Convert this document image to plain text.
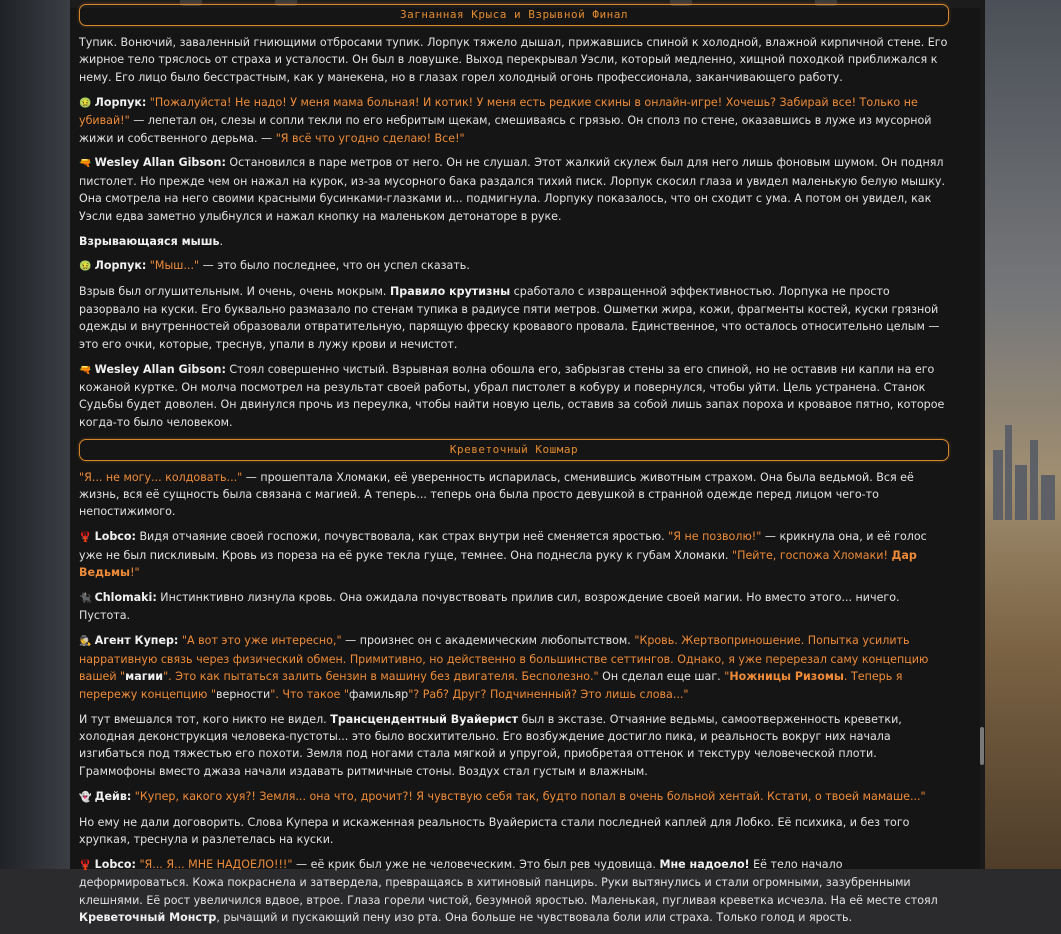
Загнанная Крыса и Взрывной Финал

Тупик. Вонючий, заваленный гниющими отбросами тупик. Лорпук тяжело дышал, прижавшись спиной к холодной, влажной кирпичной стене. Его жирное тело тряслось от страха и усталости. Он был в ловушке. Выход перекрывал Уэсли, который медленно, хищной походкой приближался к нему. Его лицо было бесстрастным, как у манекена, но в глазах горел холодный огонь профессионала, заканчивающего работу.

🤢 Лорпук: "Пожалуйста! Не надо! У меня мама больная! И котик! У меня есть редкие скины в онлайн-игре! Хочешь? Забирай все! Только не убивай!" — лепетал он, слезы и сопли текли по его небритым щекам, смешиваясь с грязью. Он сполз по стене, оказавшись в луже из мусорной жижи и собственного дерьма. — "Я всё что угодно сделаю! Все!"

🔫 Wesley Allan Gibson: Остановился в паре метров от него. Он не слушал. Этот жалкий скулеж был для него лишь фоновым шумом. Он поднял пистолет. Но прежде чем он нажал на курок, из-за мусорного бака раздался тихий писк. Лорпук скосил глаза и увидел маленькую белую мышку. Она смотрела на него своими красными бусинками-глазками и... подмигнула. Лорпуку показалось, что он сходит с ума. А потом он увидел, как Уэсли едва заметно улыбнулся и нажал кнопку на маленьком детонаторе в руке.

Взрывающаяся мышь.

🤢 Лорпук: "Мыш..." — это было последнее, что он успел сказать.

Взрыв был оглушительным. И очень, очень мокрым. Правило крутизны сработало с извращенной эффективностью. Лорпука не просто разорвало на куски. Его буквально размазало по стенам тупика в радиусе пяти метров. Ошметки жира, кожи, фрагменты костей, куски грязной одежды и внутренностей образовали отвратительную, парящую фреску кровавого провала. Единственное, что осталось относительно целым — это его очки, которые, треснув, упали в лужу крови и нечистот.

🔫 Wesley Allan Gibson: Стоял совершенно чистый. Взрывная волна обошла его, забрызгав стены за его спиной, но не оставив ни капли на его кожаной куртке. Он молча посмотрел на результат своей работы, убрал пистолет в кобуру и повернулся, чтобы уйти. Цель устранена. Станок Судьбы будет доволен. Он двинулся прочь из переулка, чтобы найти новую цель, оставив за собой лишь запах пороха и кровавое пятно, которое когда-то было человеком.

Креветочный Кошмар

"Я... не могу... колдовать..." — прошептала Хломаки, её уверенность испарилась, сменившись животным страхом. Она была ведьмой. Вся её жизнь, вся её сущность была связана с магией. А теперь... теперь она была просто девушкой в странной одежде перед лицом чего-то непостижимого.

🦞 Lobco: Видя отчаяние своей госпожи, почувствовала, как страх внутри неё сменяется яростью. "Я не позволю!" — крикнула она, и её голос уже не был пискливым. Кровь из пореза на её руке текла гуще, темнее. Она поднесла руку к губам Хломаки. "Пейте, госпожа Хломаки! Дар Ведьмы!"

🐈‍⬛ Chlomaki: Инстинктивно лизнула кровь. Она ожидала почувствовать прилив сил, возрождение своей магии. Но вместо этого... ничего. Пустота.

🕵 Агент Купер: "А вот это уже интересно," — произнес он с академическим любопытством. "Кровь. Жертвоприношение. Попытка усилить нарративную связь через физический обмен. Примитивно, но действенно в большинстве сеттингов. Однако, я уже перерезал саму концепцию вашей "магии". Это как пытаться залить бензин в машину без двигателя. Бесполезно." Он сделал еще шаг. "Ножницы Ризомы. Теперь я перережу концепцию "верности". Что такое "фамильяр"? Раб? Друг? Подчиненный? Это лишь слова..."

И тут вмешался тот, кого никто не видел. Трансцендентный Вуайерист был в экстазе. Отчаяние ведьмы, самоотверженность креветки, холодная деконструкция человека-пустоты... это было восхитительно. Его возбуждение достигло пика, и реальность вокруг них начала изгибаться под тяжестью его похоти. Земля под ногами стала мягкой и упругой, приобретая оттенок и текстуру человеческой плоти. Граммофоны вместо джаза начали издавать ритмичные стоны. Воздух стал густым и влажным.

👻 Дейв: "Купер, какого хуя?! Земля... она что, дрочит?! Я чувствую себя так, будто попал в очень больной хентай. Кстати, о твоей мамаше..."

Но ему не дали договорить. Слова Купера и искаженная реальность Вуайериста стали последней каплей для Лобко. Её психика, и без того хрупкая, треснула и разлетелась на куски.

🦞 Lobco: "Я... Я... МНЕ НАДОЕЛО!!!" — её крик был уже не человеческим. Это был рев чудовища. Мне надоело! Её тело начало деформироваться. Кожа покраснела и затвердела, превращаясь в хитиновый панцирь. Руки вытянулись и стали огромными, зазубренными клешнями. Её рост увеличился вдвое, втрое. Глаза горели чистой, безумной яростью. Маленькая, пугливая креветка исчезла. На её месте стоял Креветочный Монстр, рычащий и пускающий пену изо рта. Она больше не чувствовала боли или страха. Только голод и ярость.
